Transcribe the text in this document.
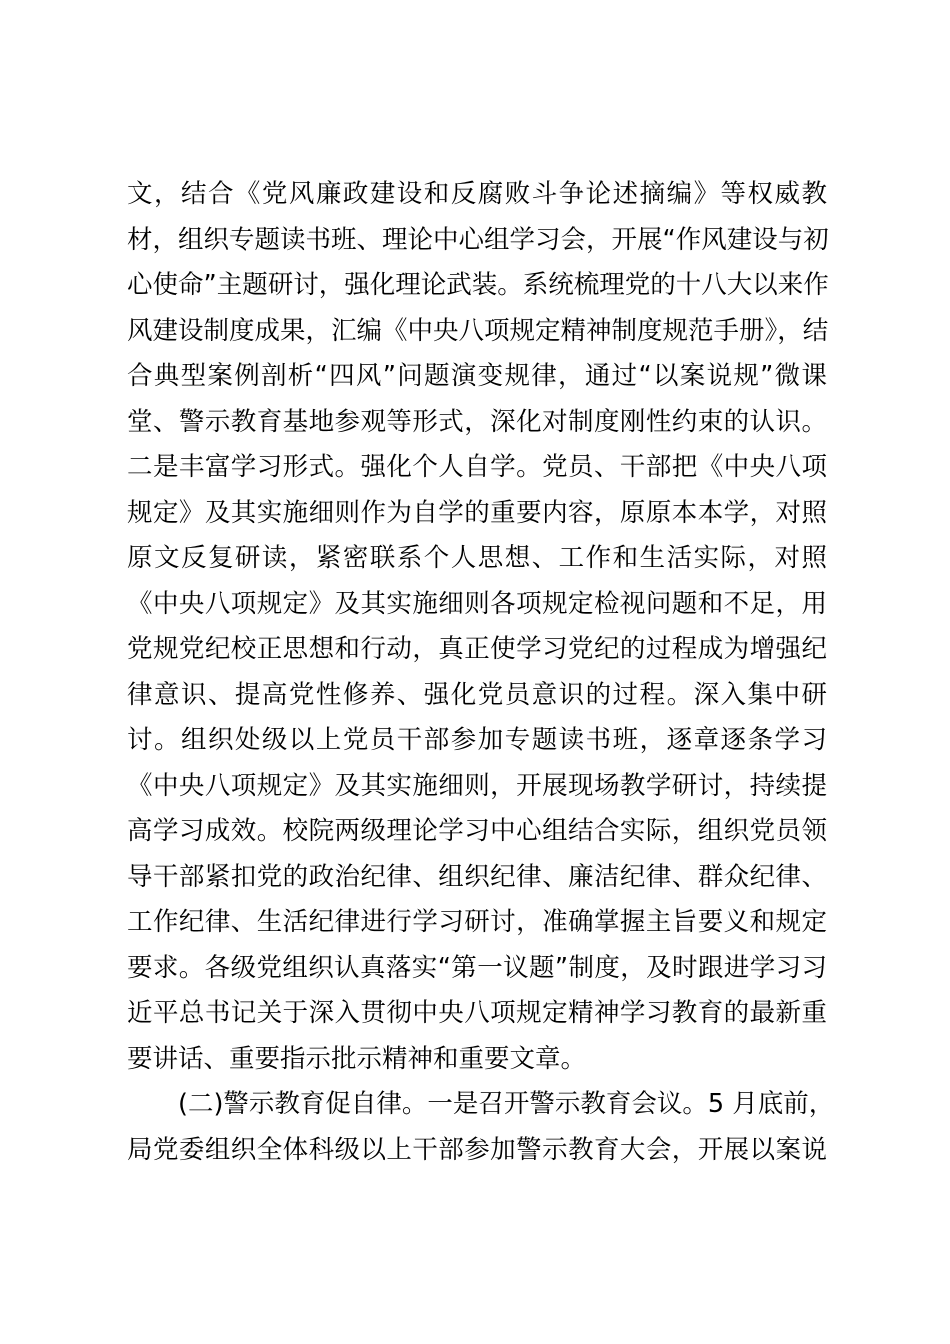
文，结合《党风廉政建设和反腐败斗争论述摘编》等权威教
材，组织专题读书班、理论中心组学习会，开展“作风建设与初
心使命”主题研讨，强化理论武装。系统梳理党的十八大以来作
风建设制度成果，汇编《中央八项规定精神制度规范手册》，结
合典型案例剖析“四风”问题演变规律，通过“以案说规”微课
堂、警示教育基地参观等形式，深化对制度刚性约束的认识。
二是丰富学习形式。强化个人自学。党员、干部把《中央八项
规定》及其实施细则作为自学的重要内容，原原本本学，对照
原文反复研读，紧密联系个人思想、工作和生活实际，对照
《中央八项规定》及其实施细则各项规定检视问题和不足，用
党规党纪校正思想和行动，真正使学习党纪的过程成为增强纪
律意识、提高党性修养、强化党员意识的过程。深入集中研
讨。组织处级以上党员干部参加专题读书班，逐章逐条学习
《中央八项规定》及其实施细则，开展现场教学研讨，持续提
高学习成效。校院两级理论学习中心组结合实际，组织党员领
导干部紧扣党的政治纪律、组织纪律、廉洁纪律、群众纪律、
工作纪律、生活纪律进行学习研讨，准确掌握主旨要义和规定
要求。各级党组织认真落实“第一议题”制度，及时跟进学习习
近平总书记关于深入贯彻中央八项规定精神学习教育的最新重
要讲话、重要指示批示精神和重要文章。
(二)警示教育促自律。一是召开警示教育会议。5 月底前，
局党委组织全体科级以上干部参加警示教育大会，开展以案说
